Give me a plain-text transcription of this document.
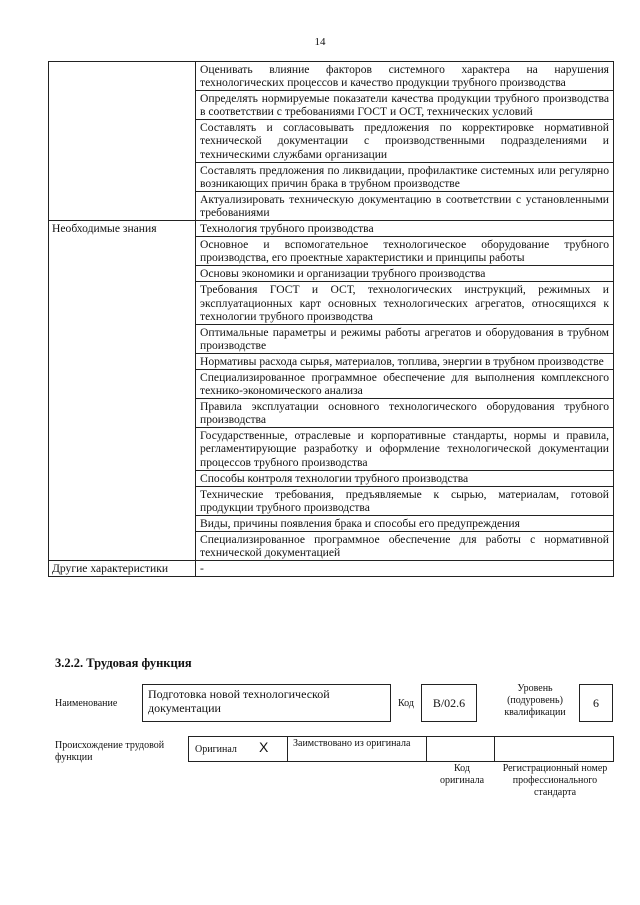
14
	Оценивать влияние факторов системного характера на нарушения технологических процессов и качество продукции трубного производства
	Определять нормируемые показатели качества продукции трубного производства в соответствии с требованиями ГОСТ и ОСТ, технических условий
	Составлять и согласовывать предложения по корректировке нормативной технической документации с производственными подразделениями и техническими службами организации
	Составлять предложения по ликвидации, профилактике системных или регулярно возникающих причин брака в трубном производстве
	Актуализировать техническую документацию в соответствии с установленными требованиями
Необходимые знания	Технология трубного производства
	Основное и вспомогательное технологическое оборудование трубного производства, его проектные характеристики и принципы работы
	Основы экономики и организации трубного производства
	Требования ГОСТ и ОСТ, технологических инструкций, режимных и эксплуатационных карт основных технологических агрегатов, относящихся к технологии трубного производства
	Оптимальные параметры и режимы работы агрегатов и оборудования в трубном производстве
	Нормативы расхода сырья, материалов, топлива, энергии в трубном производстве
	Специализированное программное обеспечение для выполнения комплексного технико-экономического анализа
	Правила эксплуатации основного технологического оборудования трубного производства
	Государственные, отраслевые и корпоративные стандарты, нормы и правила, регламентирующие разработку и оформление технологической документации процессов трубного производства
	Способы контроля технологии трубного производства
	Технические требования, предъявляемые к сырью, материалам, готовой продукции трубного производства
	Виды, причины появления брака и способы его предупреждения
	Специализированное программное обеспечение для работы с нормативной технической документацией
Другие характеристики	-
3.2.2. Трудовая функция
Наименование
Подготовка новой технологической документации	Код	B/02.6
Уровень (подуровень) квалификации
6
Происхождение трудовой функции
Оригинал X Заимствовано из оригинала
Код оригинала
Регистрационный номер профессионального стандарта
